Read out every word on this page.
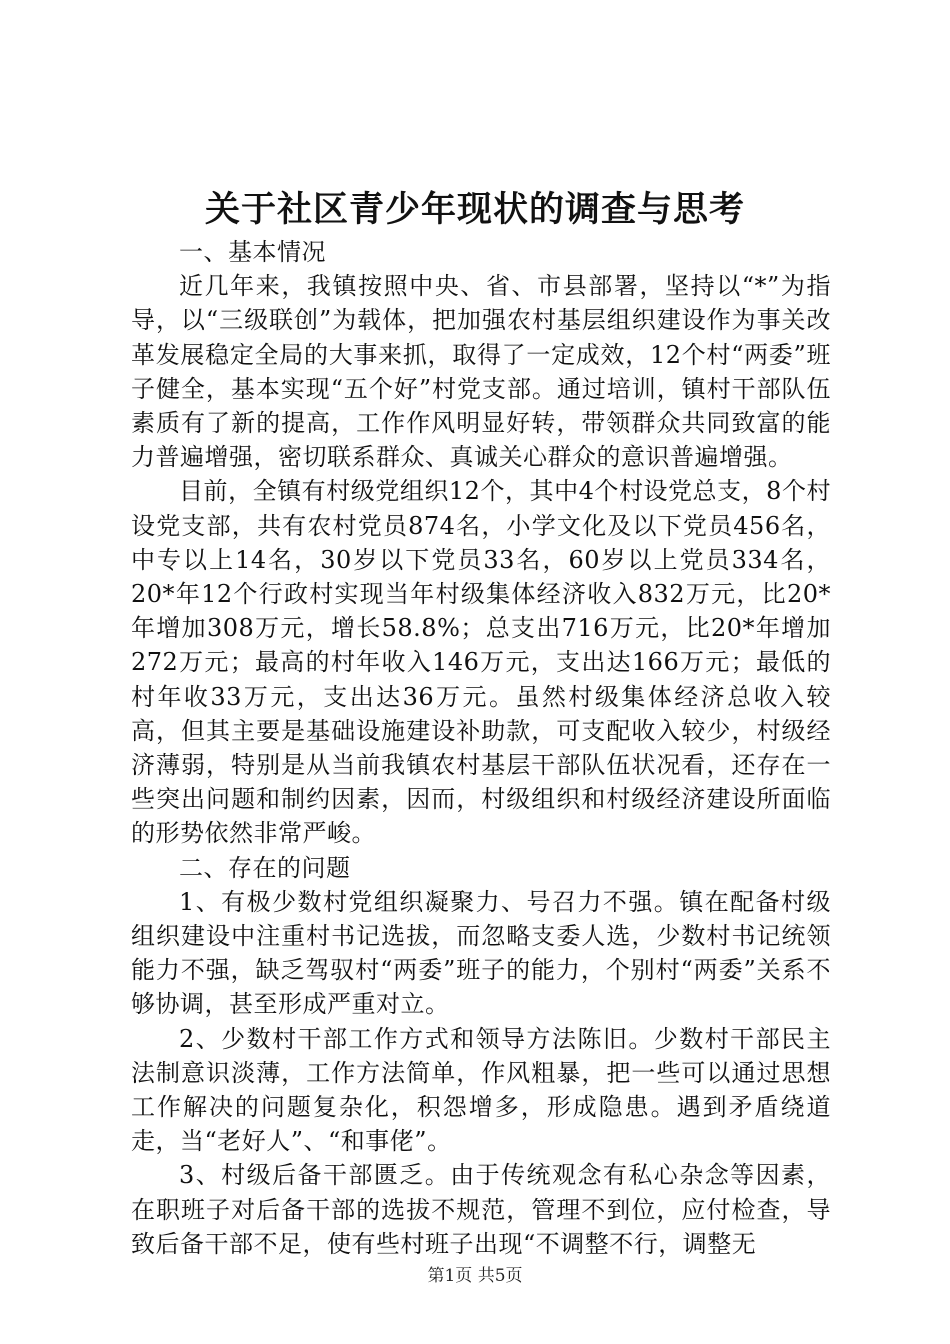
关于社区青少年现状的调查与思考

一、基本情况

近几年来，我镇按照中央、省、市县部署，坚持以“*”为指导，以“三级联创”为载体，把加强农村基层组织建设作为事关改革发展稳定全局的大事来抓，取得了一定成效，12个村“两委”班子健全，基本实现“五个好”村党支部。通过培训，镇村干部队伍素质有了新的提高，工作作风明显好转，带领群众共同致富的能力普遍增强，密切联系群众、真诚关心群众的意识普遍增强。

目前，全镇有村级党组织12个，其中4个村设党总支，8个村设党支部，共有农村党员874名，小学文化及以下党员456名，中专以上14名，30岁以下党员33名，60岁以上党员334名，20*年12个行政村实现当年村级集体经济收入832万元，比20*年增加308万元，增长58.8%；总支出716万元，比20*年增加272万元；最高的村年收入146万元，支出达166万元；最低的村年收33万元，支出达36万元。虽然村级集体经济总收入较高，但其主要是基础设施建设补助款，可支配收入较少，村级经济薄弱，特别是从当前我镇农村基层干部队伍状况看，还存在一些突出问题和制约因素，因而，村级组织和村级经济建设所面临的形势依然非常严峻。

二、存在的问题

1、有极少数村党组织凝聚力、号召力不强。镇在配备村级组织建设中注重村书记选拔，而忽略支委人选，少数村书记统领能力不强，缺乏驾驭村“两委”班子的能力，个别村“两委”关系不够协调，甚至形成严重对立。

2、少数村干部工作方式和领导方法陈旧。少数村干部民主法制意识淡薄，工作方法简单，作风粗暴，把一些可以通过思想工作解决的问题复杂化，积怨增多，形成隐患。遇到矛盾绕道走，当“老好人”、“和事佬”。

3、村级后备干部匮乏。由于传统观念有私心杂念等因素，在职班子对后备干部的选拔不规范，管理不到位，应付检查，导致后备干部不足，使有些村班子出现“不调整不行，调整无

第1页 共5页
